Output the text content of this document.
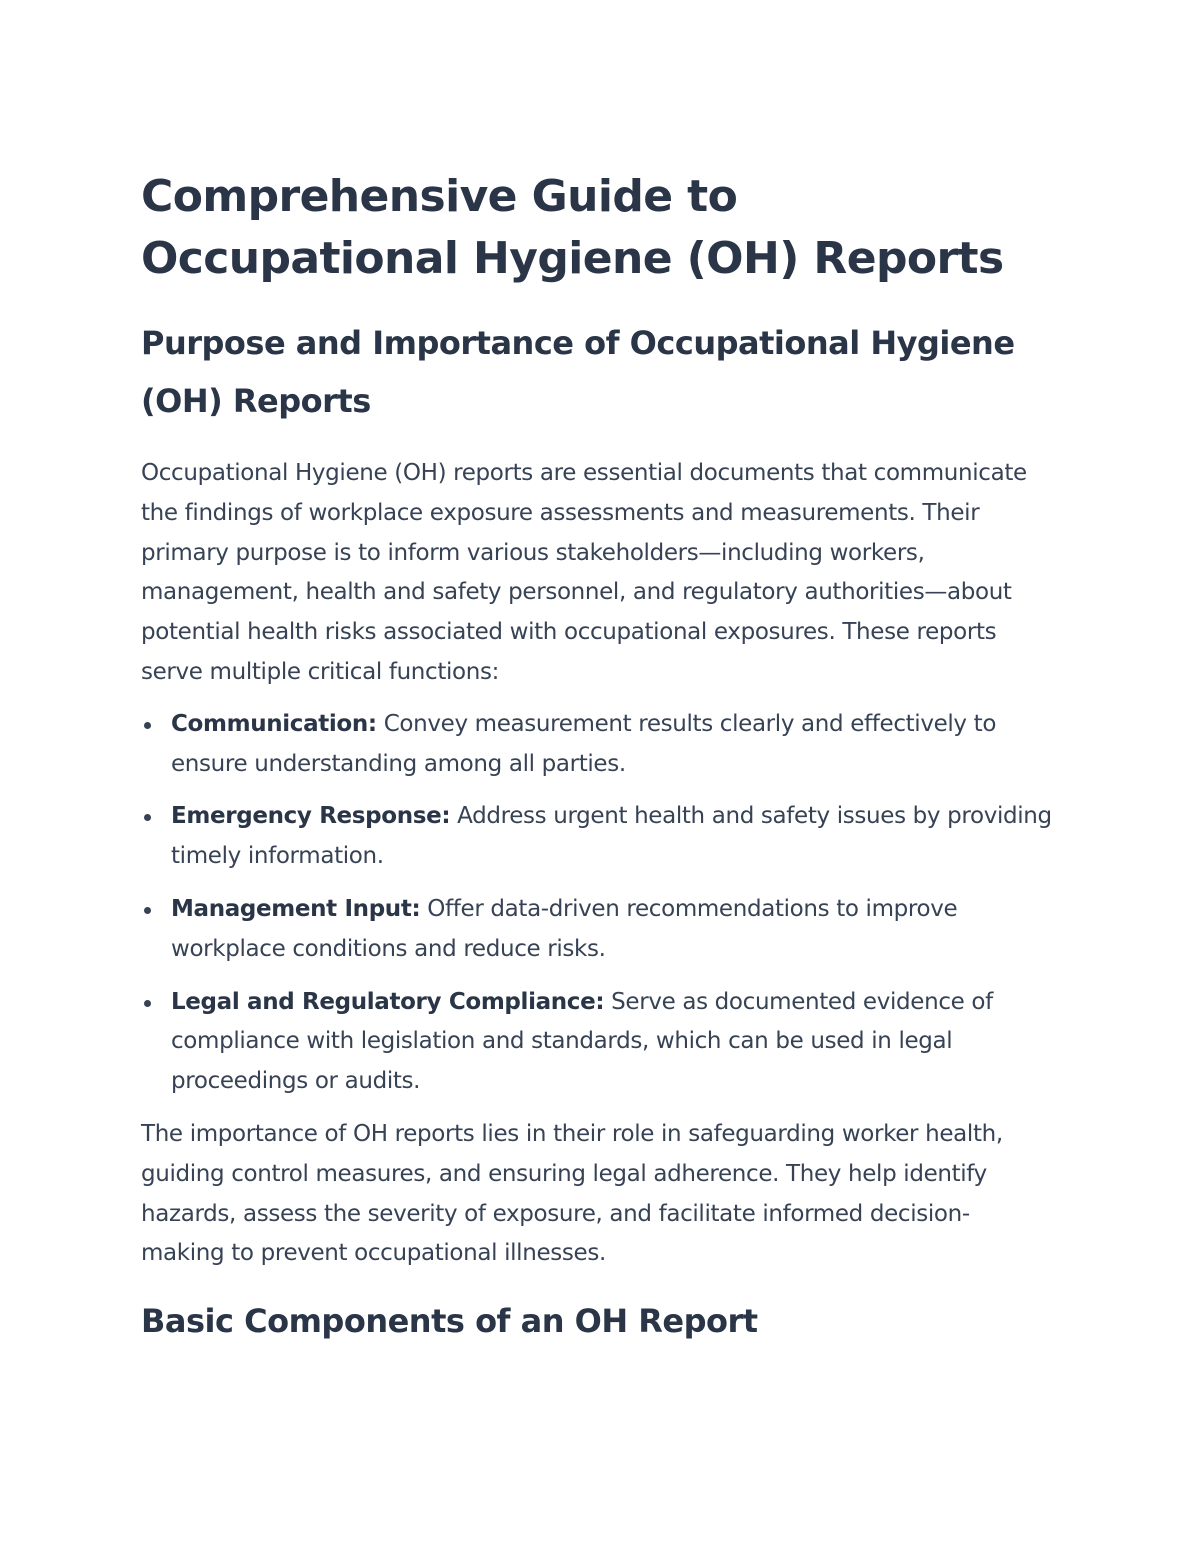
Comprehensive Guide to Occupational Hygiene (OH) Reports
Purpose and Importance of Occupational Hygiene (OH) Reports

Occupational Hygiene (OH) reports are essential documents that communicate the findings of workplace exposure assessments and measurements. Their primary purpose is to inform various stakeholders—including workers, management, health and safety personnel, and regulatory authorities—about potential health risks associated with occupational exposures. These reports serve multiple critical functions:

Communication: Convey measurement results clearly and effectively to ensure understanding among all parties.
Emergency Response: Address urgent health and safety issues by providing timely information.
Management Input: Offer data-driven recommendations to improve workplace conditions and reduce risks.
Legal and Regulatory Compliance: Serve as documented evidence of compliance with legislation and standards, which can be used in legal proceedings or audits.

The importance of OH reports lies in their role in safeguarding worker health, guiding control measures, and ensuring legal adherence. They help identify hazards, assess the severity of exposure, and facilitate informed decision-making to prevent occupational illnesses.

Basic Components of an OH Report
